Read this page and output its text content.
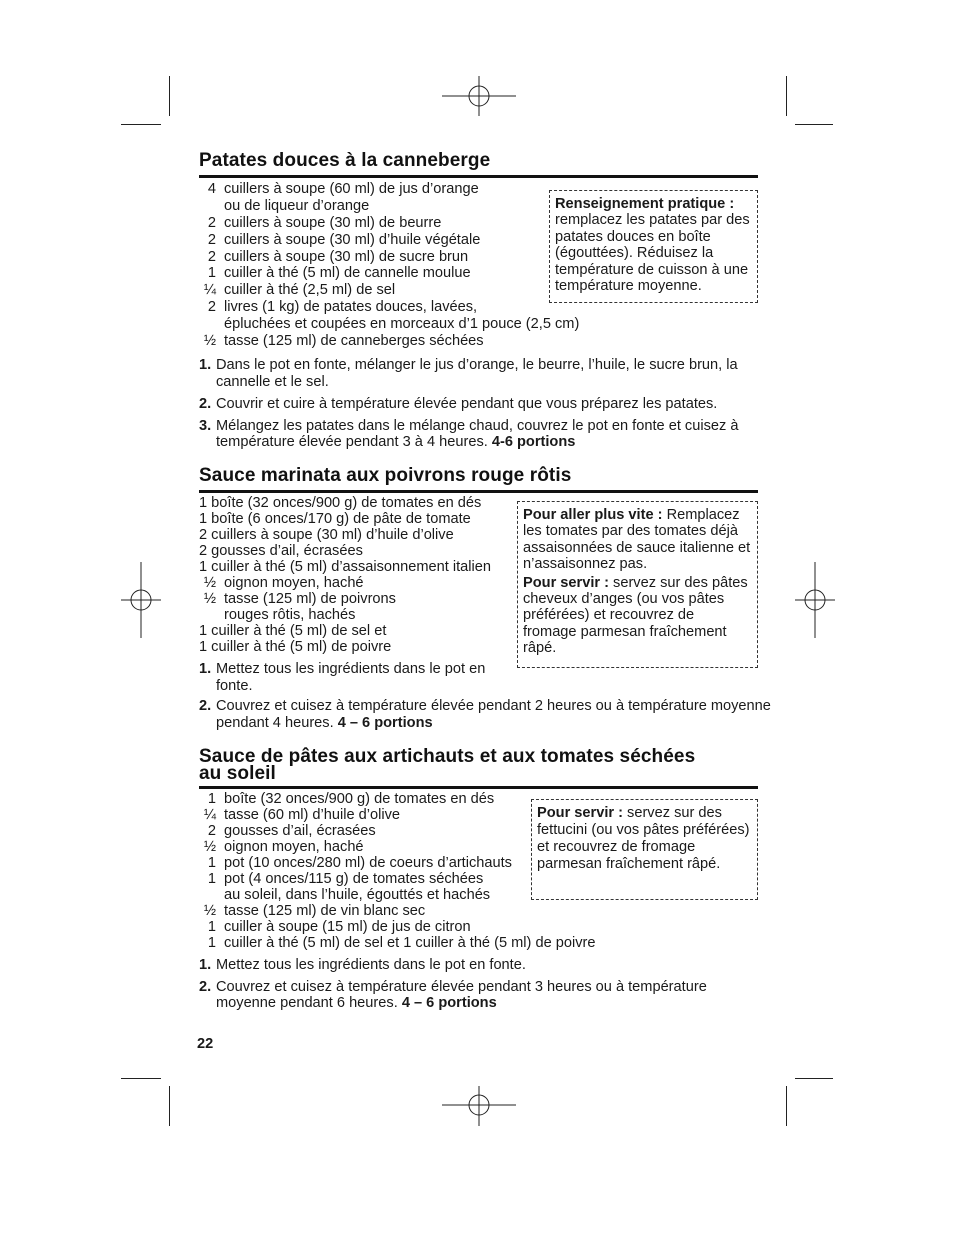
Patates douces à la canneberge
4 cuillers à soupe (60 ml) de jus d’orange
ou de liqueur d’orange
2 cuillers à soupe (30 ml) de beurre
2 cuillers à soupe (30 ml) d’huile végétale
2 cuillers à soupe (30 ml) de sucre brun
1 cuiller à thé (5 ml) de cannelle moulue
¼ cuiller à thé (2,5 ml) de sel
2 livres (1 kg) de patates douces, lavées,
épluchées et coupées en morceaux d’1 pouce (2,5 cm)
½ tasse (125 ml) de canneberges séchées

Renseignement pratique :
remplacez les patates par des patates douces en boîte (égouttées). Réduisez la température de cuisson à une température moyenne.

1. Dans le pot en fonte, mélanger le jus d’orange, le beurre, l’huile, le sucre brun, la cannelle et le sel.
2. Couvrir et cuire à température élevée pendant que vous préparez les patates.
3. Mélangez les patates dans le mélange chaud, couvrez le pot en fonte et cuisez à température élevée pendant 3 à 4 heures. 4-6 portions
Sauce marinata aux poivrons rouge rôtis
1 boîte (32 onces/900 g) de tomates en dés
1 boîte (6 onces/170 g) de pâte de tomate
2 cuillers à soupe (30 ml) d’huile d’olive
2 gousses d’ail, écrasées
1 cuiller à thé (5 ml) d’assaisonnement italien
½ oignon moyen, haché
½ tasse (125 ml) de poivrons
rouges rôtis, hachés
1 cuiller à thé (5 ml) de sel et
1 cuiller à thé (5 ml) de poivre

Pour aller plus vite : Remplacez les tomates par des tomates déjà assaisonnées de sauce italienne et n’assaisonnez pas.

Pour servir : servez sur des pâtes cheveux d’anges (ou vos pâtes préférées) et recouvrez de fromage parmesan fraîchement râpé.

1. Mettez tous les ingrédients dans le pot en fonte.
2. Couvrez et cuisez à température élevée pendant 2 heures ou à température moyenne pendant 4 heures. 4 – 6 portions
Sauce de pâtes aux artichauts et aux tomates séchées au soleil
1 boîte (32 onces/900 g) de tomates en dés
¼ tasse (60 ml) d’huile d’olive
2 gousses d’ail, écrasées
½ oignon moyen, haché
1 pot (10 onces/280 ml) de coeurs d’artichauts
1 pot (4 onces/115 g) de tomates séchées
au soleil, dans l’huile, égouttés et hachés
½ tasse (125 ml) de vin blanc sec
1 cuiller à soupe (15 ml) de jus de citron
1 cuiller à thé (5 ml) de sel et 1 cuiller à thé (5 ml) de poivre

Pour servir : servez sur des fettucini (ou vos pâtes préférées) et recouvrez de fromage parmesan fraîchement râpé.

1. Mettez tous les ingrédients dans le pot en fonte.
2. Couvrez et cuisez à température élevée pendant 3 heures ou à température moyenne pendant 6 heures. 4 – 6 portions
22
